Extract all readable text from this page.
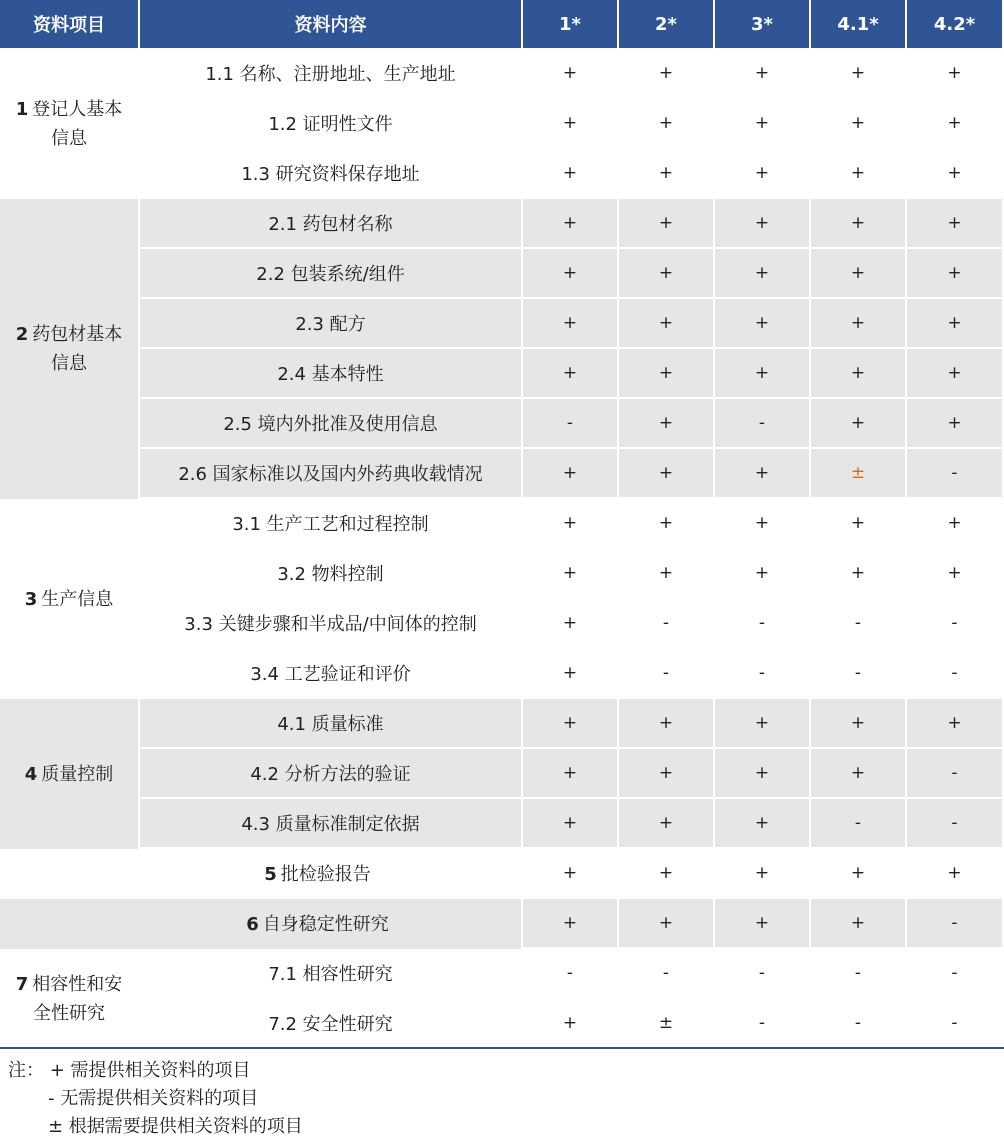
资料项目	资料内容	1*	2*	3*	4.1*	4.2*
1 登记人基本信息
1.1 名称、注册地址、生产地址	+	+	+	+	+
1.2 证明性文件	+	+	+	+	+
1.3 研究资料保存地址	+	+	+	+	+
2 药包材基本信息
2.1 药包材名称	+	+	+	+	+
2.2 包装系统/组件	+	+	+	+	+
2.3 配方	+	+	+	+	+
2.4 基本特性	+	+	+	+	+
2.5 境内外批准及使用信息	-	+	-	+	+
2.6 国家标准以及国内外药典收载情况	+	+	+	±	-
3 生产信息
3.1 生产工艺和过程控制	+	+	+	+	+
3.2 物料控制	+	+	+	+	+
3.3 关键步骤和半成品/中间体的控制	+	-	-	-	-
3.4 工艺验证和评价	+	-	-	-	-
4 质量控制
4.1 质量标准	+	+	+	+	+
4.2 分析方法的验证	+	+	+	+	-
4.3 质量标准制定依据	+	+	+	-	-
5 批检验报告	+	+	+	+	+
6 自身稳定性研究	+	+	+	+	-
7 相容性和安全性研究
7.1 相容性研究	-	-	-	-	-
7.2 安全性研究	+	±	-	-	-
注： + 需提供相关资料的项目
- 无需提供相关资料的项目
± 根据需要提供相关资料的项目
